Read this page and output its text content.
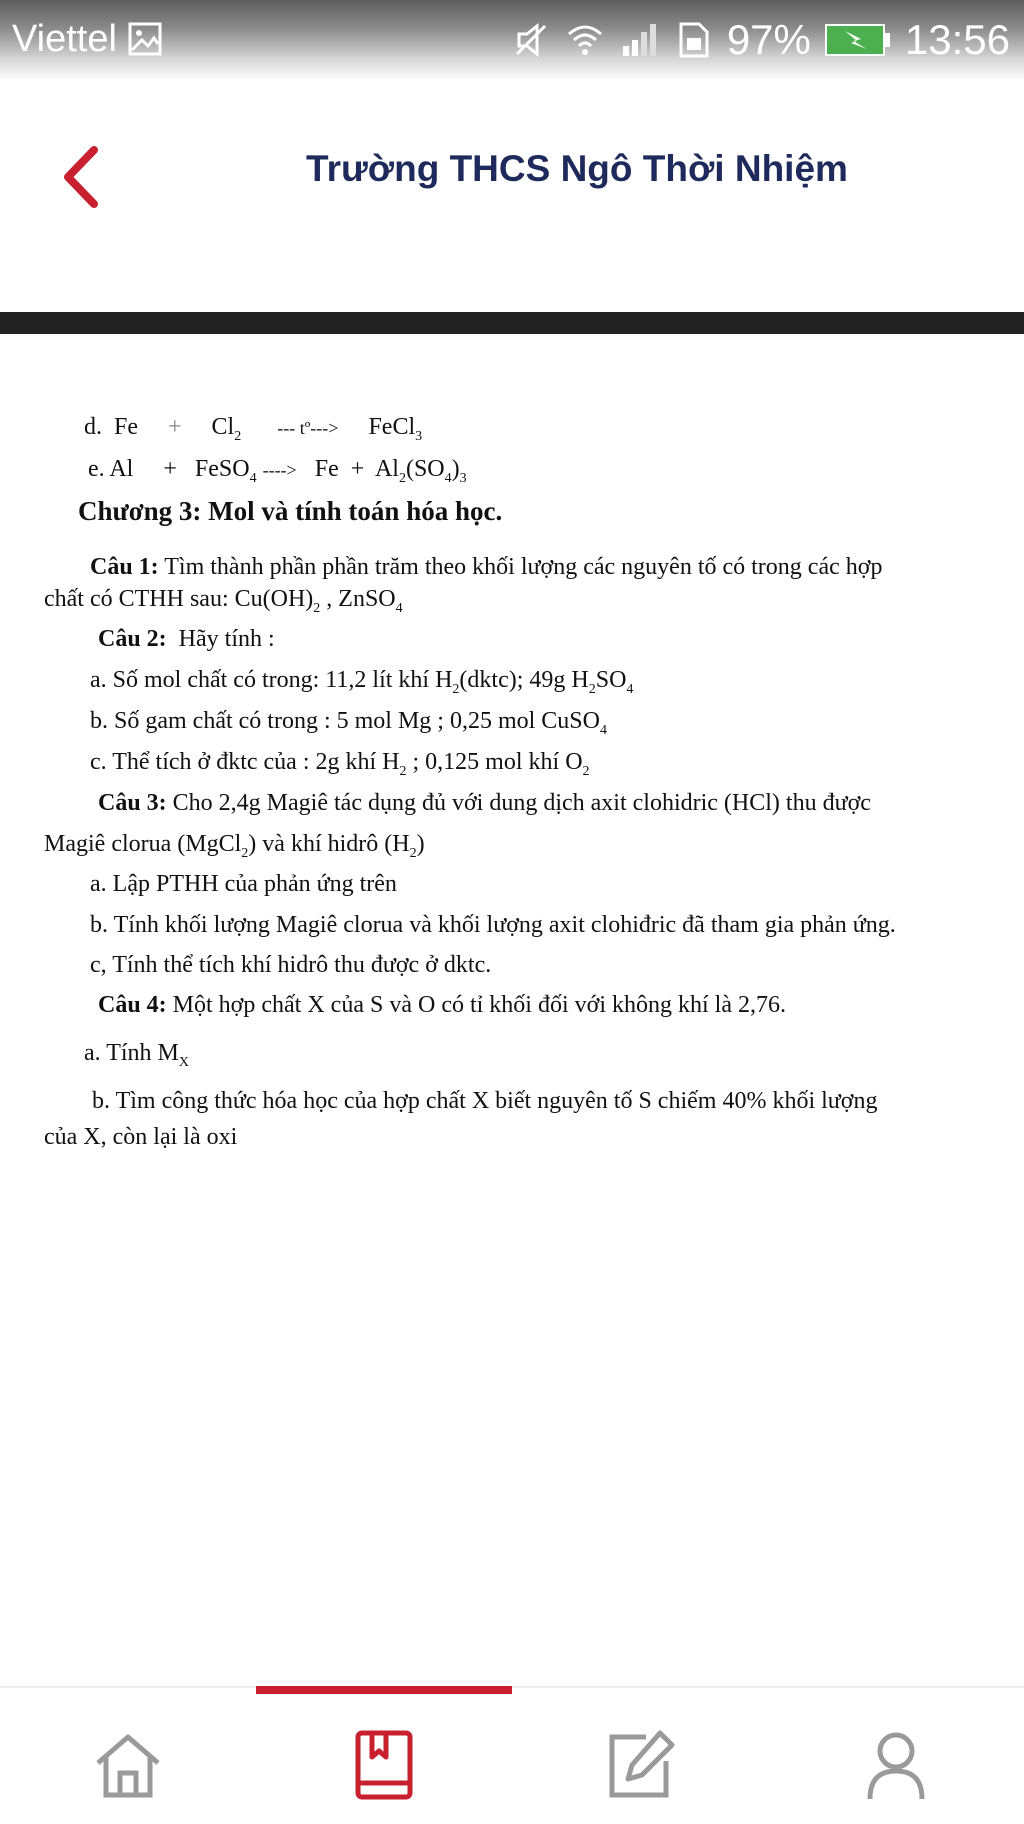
Viettel	97% 13:56
Trường THCS Ngô Thời Nhiệm
d. $Fe + Cl_2$ --- tº---> FeCl$_3$
e. Al + FeSO$_4$ ----> $Fe + Al_2(SO_4)_3$
Chương 3: Mol và tính toán hóa học.
Câu 1: Tìm thành phần phần trăm theo khối lượng các nguyên tố có trong các hợp
chất có CTHH sau: $Cu(OH)_2$ , ZnSO$_4$
Câu 2: Hãy tính :
a. Số mol chất có trong: 11,2 lít khí $H_2(dktc)$; 49g $H_2SO_4$
b. Số gam chất có trong : 5 mol Mg ; 0,25 mol CuSO$_4$
c. Thể tích ở đktc của : 2g khí $H_2$ ; 0,125 mol khí $O_2$
Câu 3: Cho 2,4g Magiê tác dụng đủ với dung dịch axit clohidric (HCl) thu được
Magiê clorua (MgCl$_2$) và khí hidrô $(H_2)$
a. Lập PTHH của phản ứng trên
b. Tính khối lượng Magiê clorua và khối lượng axit clohiđric đã tham gia phản ứng.
c, Tính thể tích khí hidrô thu được ở dktc.
Câu 4: Một hợp chất X của S và O có tỉ khối đối với không khí là 2,76.
a. Tính $M_X$
b. Tìm công thức hóa học của hợp chất X biết nguyên tố S chiếm 40% khối lượng
của X, còn lại là oxi
